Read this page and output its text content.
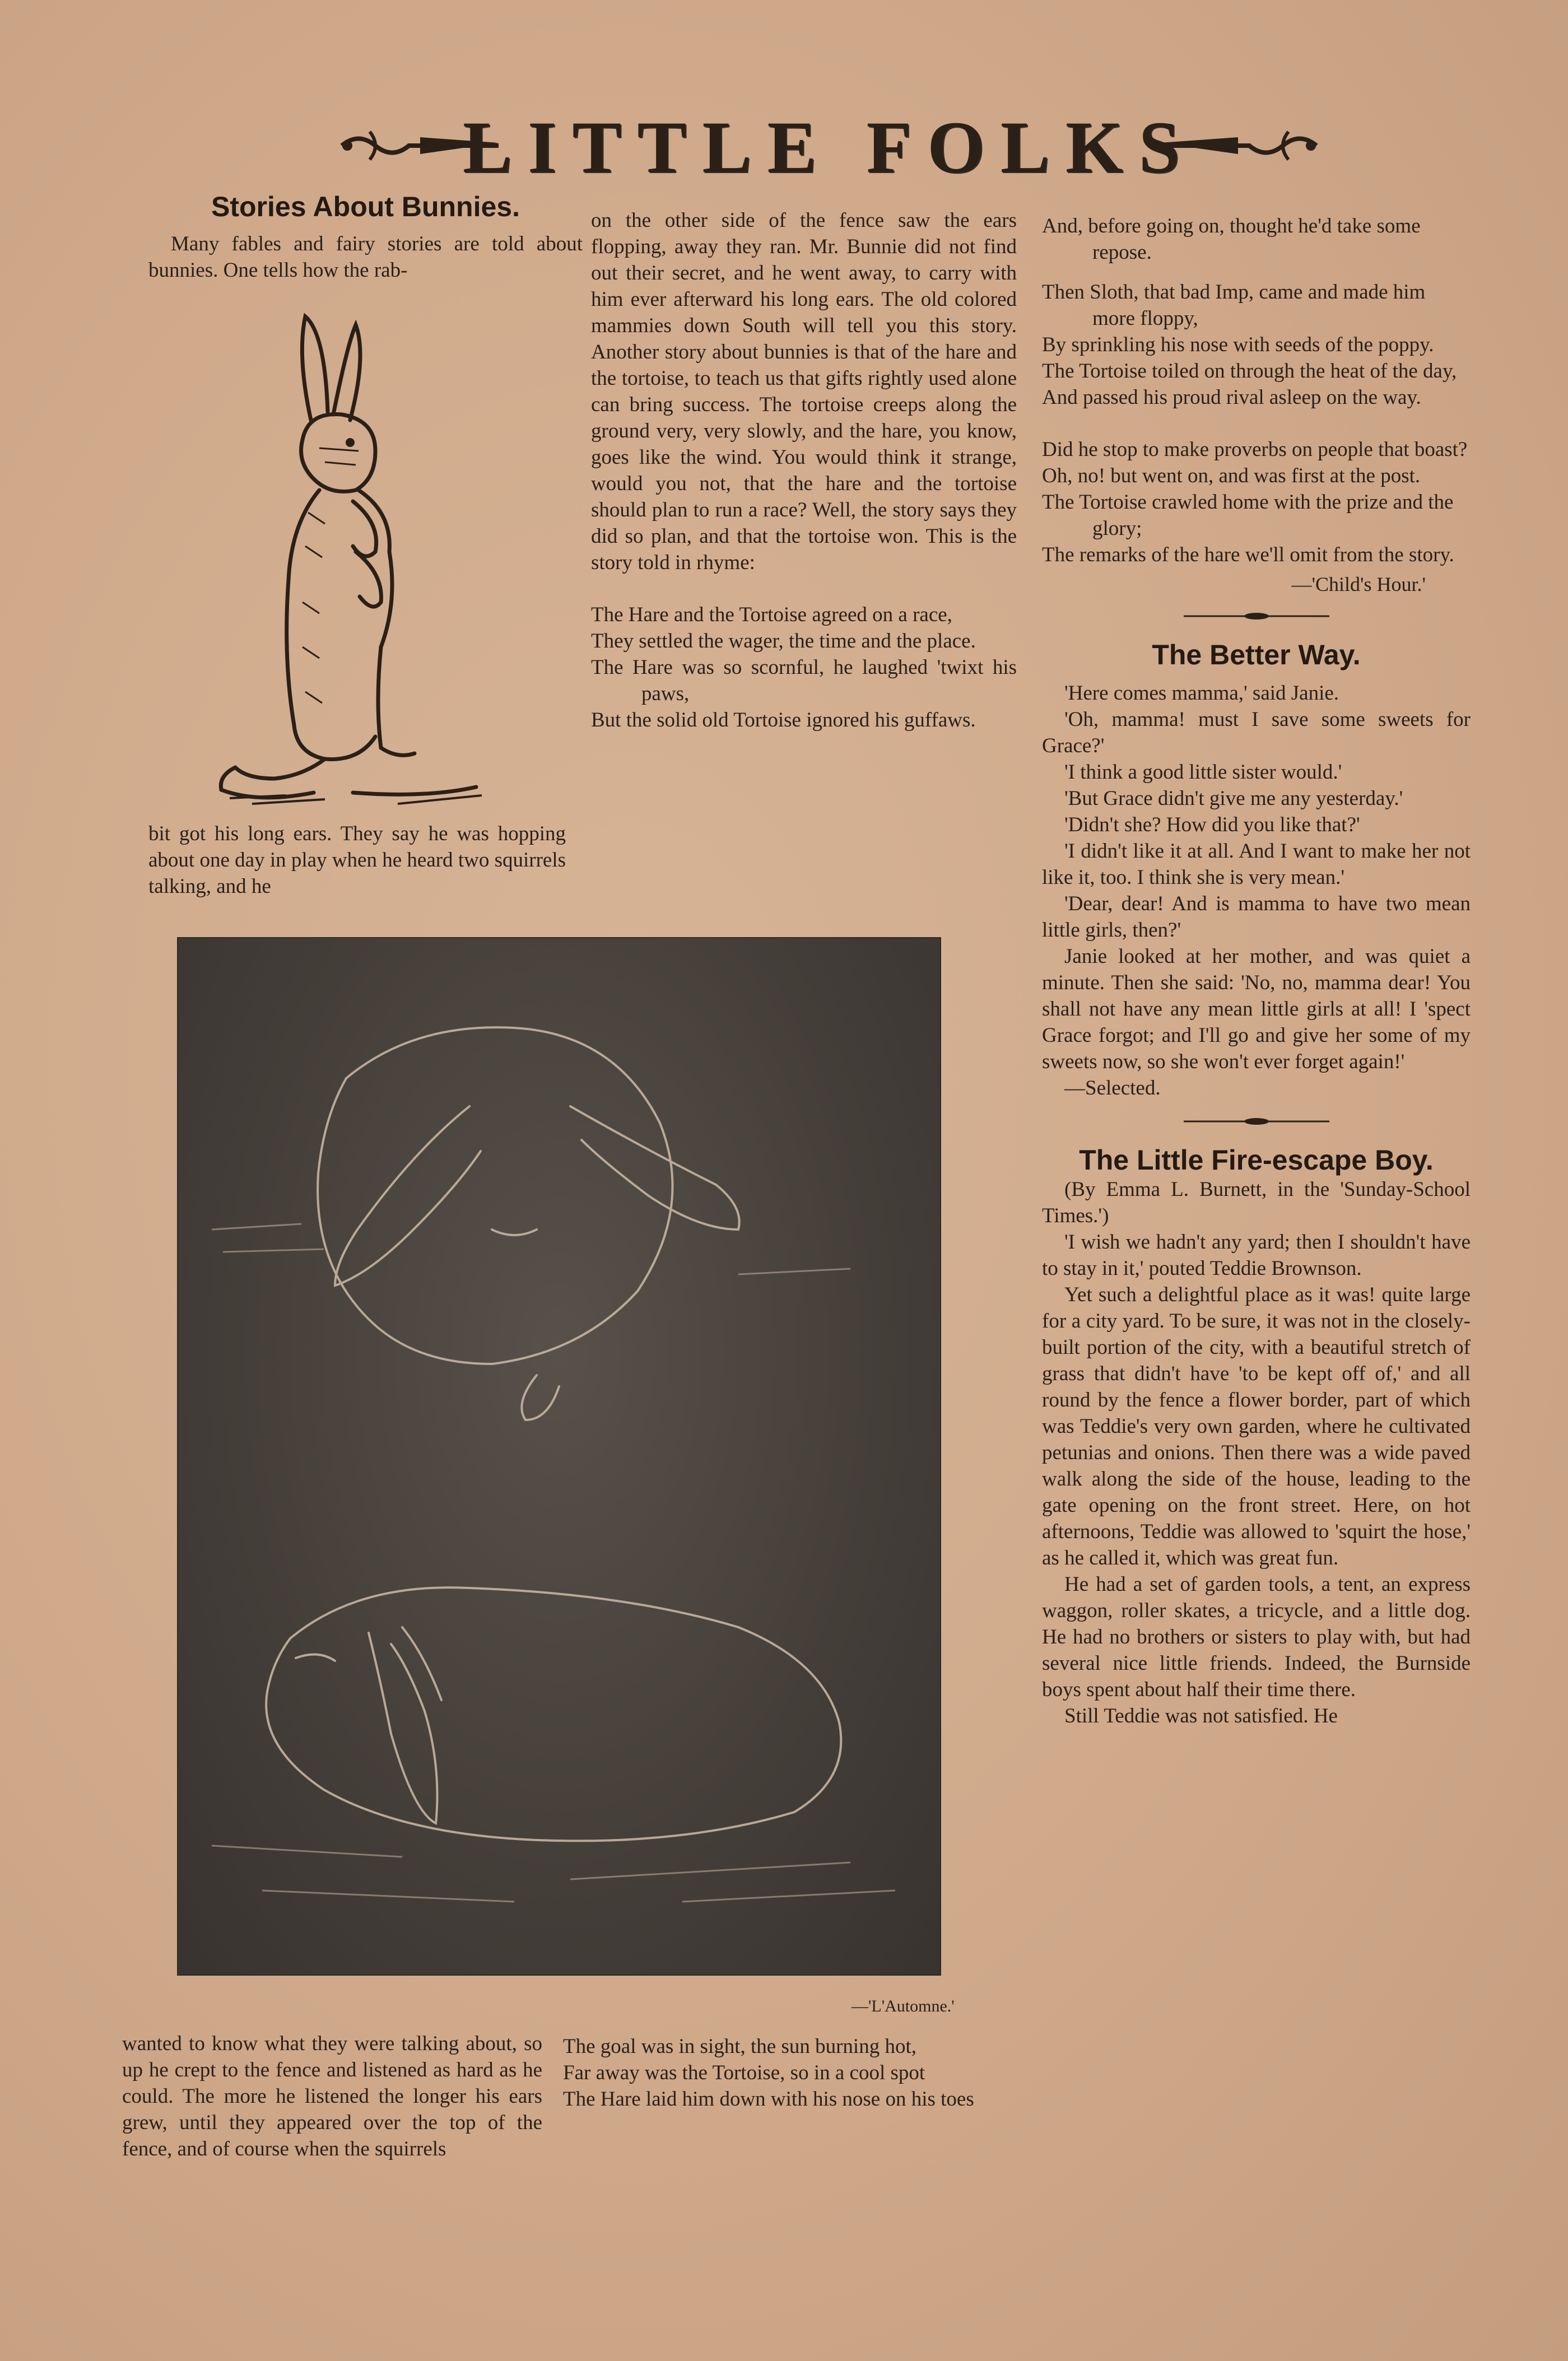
LITTLE FOLKS
Stories About Bunnies.

Many fables and fairy stories are told about bunnies. One tells how the rab-

bit got his long ears. They say he was hopping about one day in play when he heard two squirrels talking, and he

on the other side of the fence saw the ears flopping, away they ran. Mr. Bunnie did not find out their secret, and he went away, to carry with him ever afterward his long ears. The old colored mammies down South will tell you this story. Another story about bunnies is that of the hare and the tortoise, to teach us that gifts rightly used alone can bring success. The tortoise creeps along the ground very, very slowly, and the hare, you know, goes like the wind. You would think it strange, would you not, that the hare and the tortoise should plan to run a race? Well, the story says they did so plan, and that the tortoise won. This is the story told in rhyme:

The Hare and the Tortoise agreed on a race,

They settled the wager, the time and the place.

The Hare was so scornful, he laughed 'twixt his paws,

But the solid old Tortoise ignored his guffaws.

And, before going on, thought he'd take some repose.

Then Sloth, that bad Imp, came and made him more floppy,

By sprinkling his nose with seeds of the poppy.

The Tortoise toiled on through the heat of the day,

And passed his proud rival asleep on the way.

Did he stop to make proverbs on people that boast?

Oh, no! but went on, and was first at the post.

The Tortoise crawled home with the prize and the glory;

The remarks of the hare we'll omit from the story.

—'Child's Hour.'

The Better Way.

'Here comes mamma,' said Janie.

'Oh, mamma! must I save some sweets for Grace?'

'I think a good little sister would.'

'But Grace didn't give me any yesterday.'

'Didn't she? How did you like that?'

'I didn't like it at all. And I want to make her not like it, too. I think she is very mean.'

'Dear, dear! And is mamma to have two mean little girls, then?'

Janie looked at her mother, and was quiet a minute. Then she said: 'No, no, mamma dear! You shall not have any mean little girls at all! I 'spect Grace forgot; and I'll go and give her some of my sweets now, so she won't ever forget again!'

—Selected.

The Little Fire-escape Boy.

(By Emma L. Burnett, in the 'Sunday-School Times.')

'I wish we hadn't any yard; then I shouldn't have to stay in it,' pouted Teddie Brownson.

Yet such a delightful place as it was! quite large for a city yard. To be sure, it was not in the closely-built portion of the city, with a beautiful stretch of grass that didn't have 'to be kept off of,' and all round by the fence a flower border, part of which was Teddie's very own garden, where he cultivated petunias and onions. Then there was a wide paved walk along the side of the house, leading to the gate opening on the front street. Here, on hot afternoons, Teddie was allowed to 'squirt the hose,' as he called it, which was great fun.

He had a set of garden tools, a tent, an express waggon, roller skates, a tricycle, and a little dog. He had no brothers or sisters to play with, but had several nice little friends. Indeed, the Burnside boys spent about half their time there.

Still Teddie was not satisfied. He

—'L'Automne.'

wanted to know what they were talking about, so up he crept to the fence and listened as hard as he could. The more he listened the longer his ears grew, until they appeared over the top of the fence, and of course when the squirrels

The goal was in sight, the sun burning hot,

Far away was the Tortoise, so in a cool spot

The Hare laid him down with his nose on his toes
